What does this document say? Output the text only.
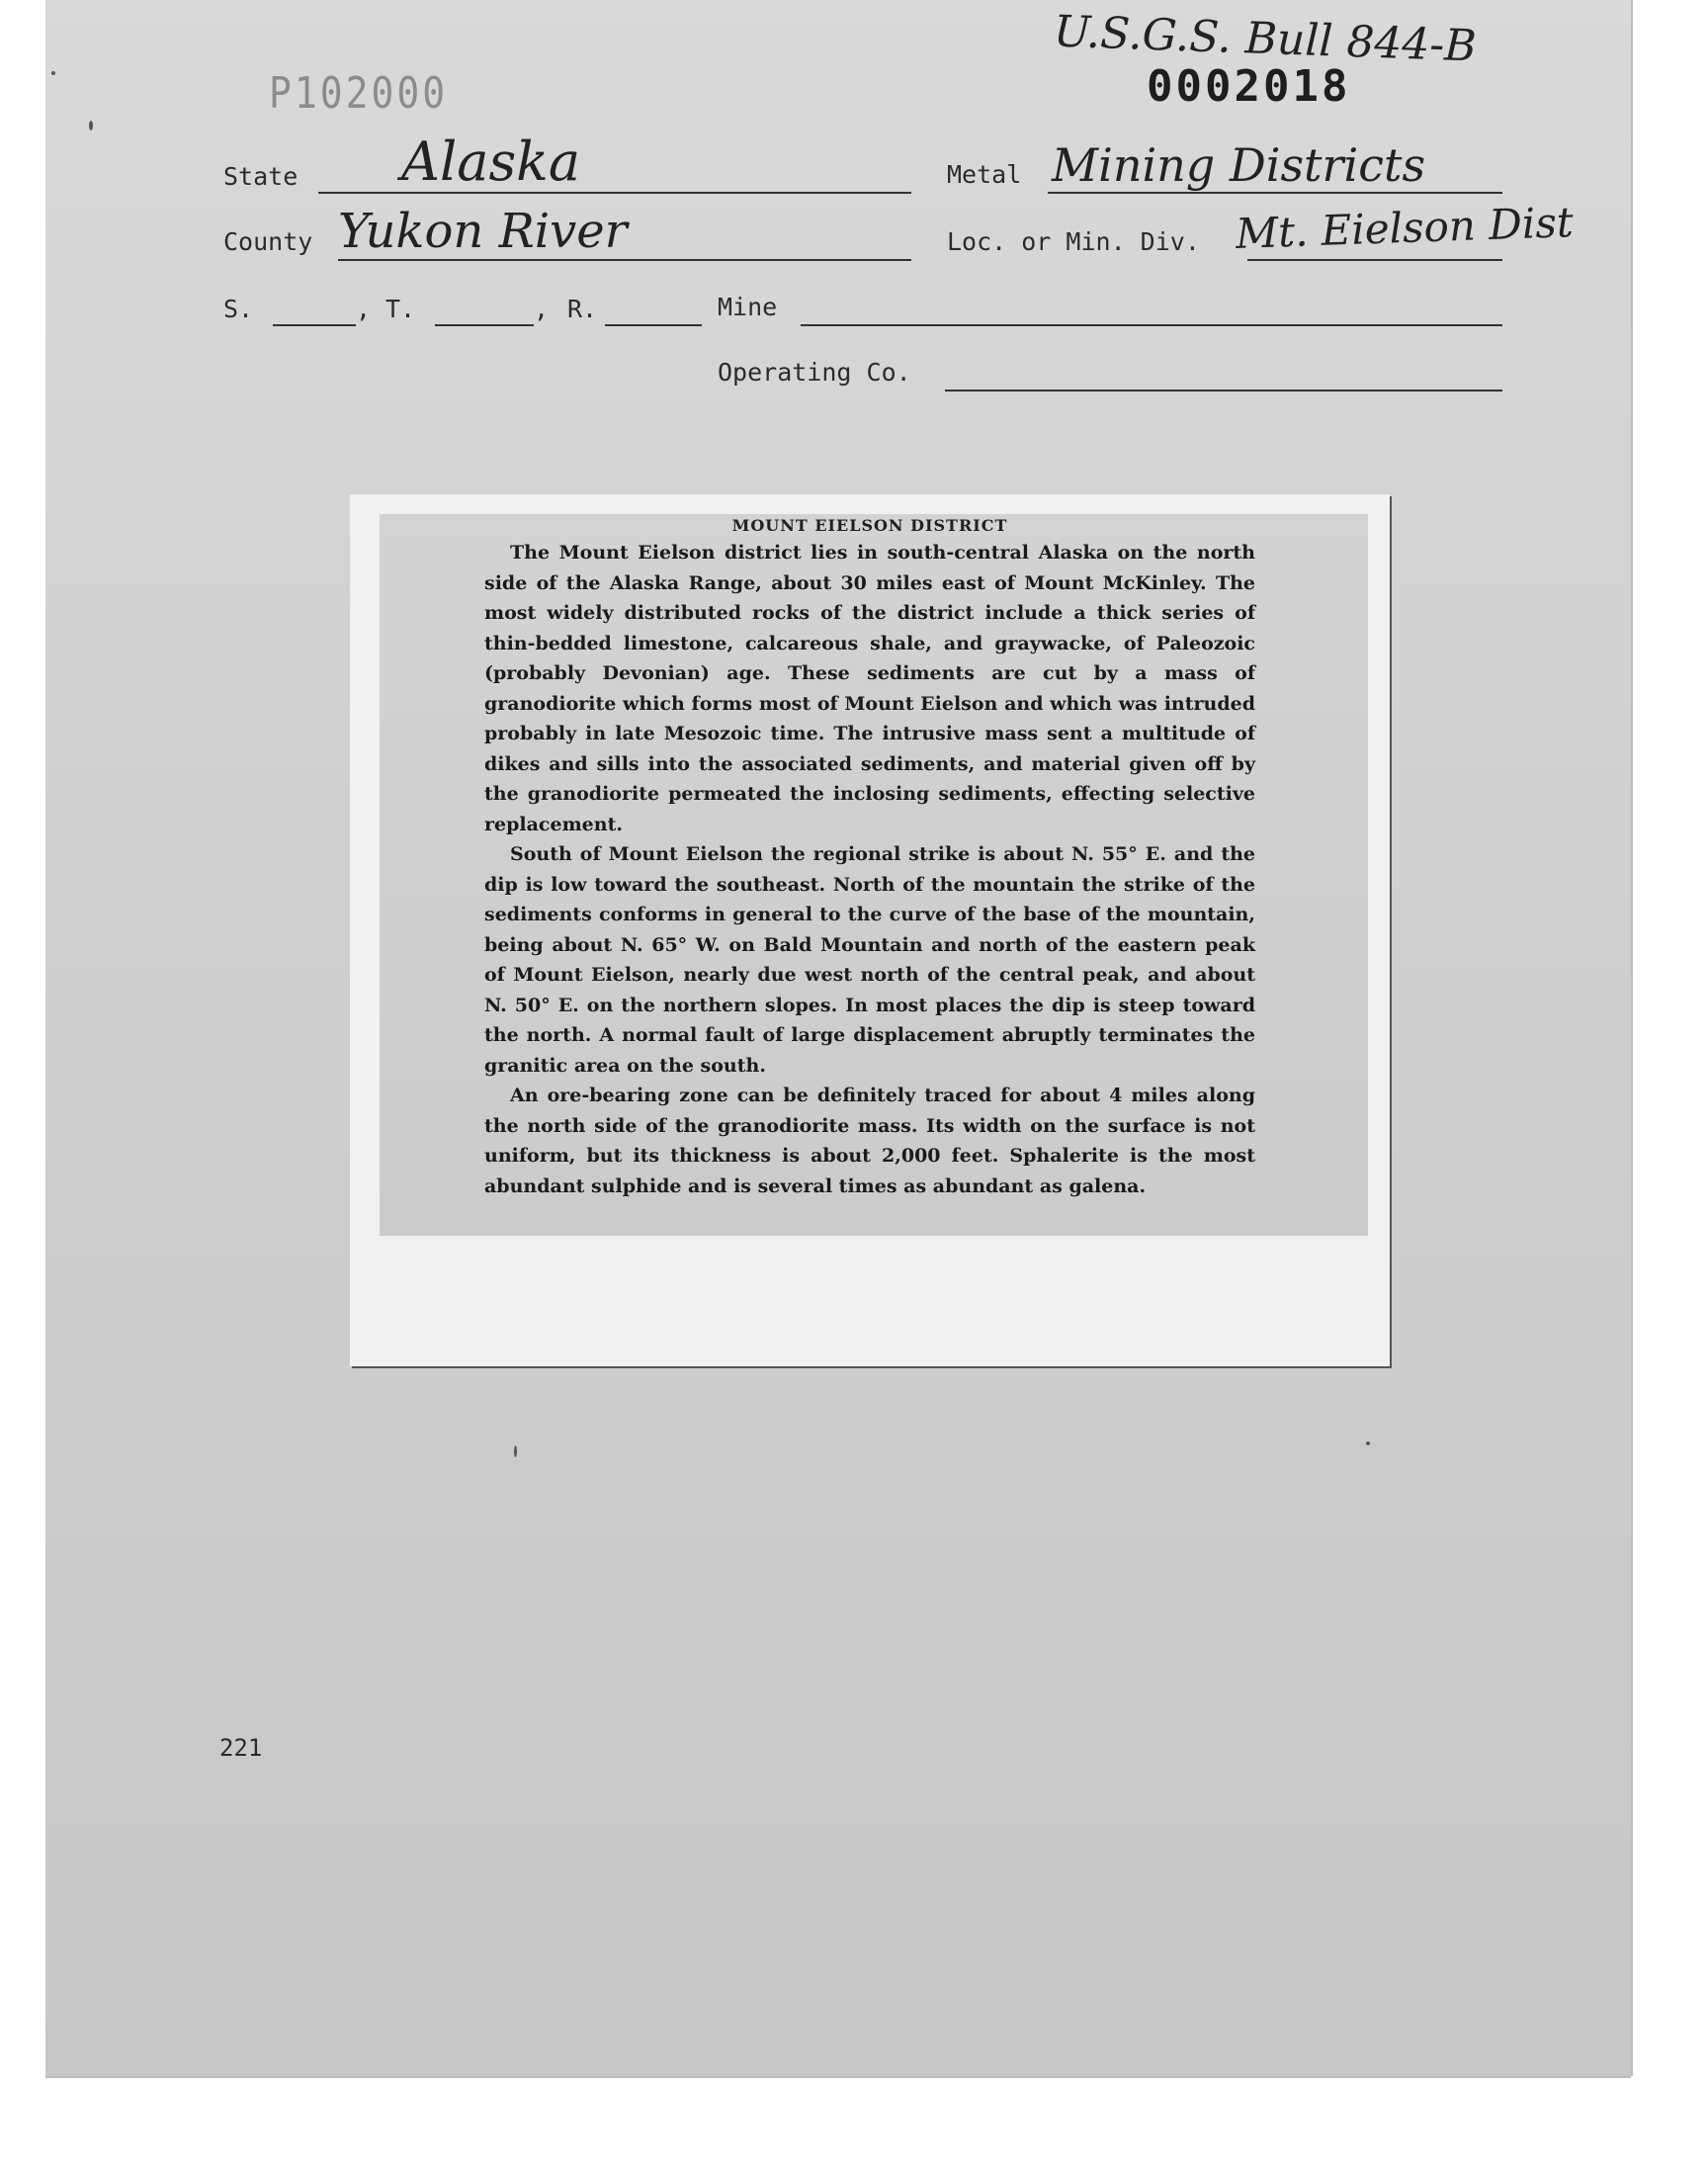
U.S.G.S. Bull 844-B
0002018
P102000
State Alaska	Metal Mining Districts
County Yukon River	Loc. or Min. Div. Mt. Eielson Dist
S.	, T.	, R.	Mine
Operating Co.
MOUNT EIELSON DISTRICT

The Mount Eielson district lies in south-central Alaska on the north side of the Alaska Range, about 30 miles east of Mount McKinley. The most widely distributed rocks of the district include a thick series of thin-bedded limestone, calcareous shale, and graywacke, of Paleozoic (probably Devonian) age. These sediments are cut by a mass of granodiorite which forms most of Mount Eielson and which was intruded probably in late Mesozoic time. The intrusive mass sent a multitude of dikes and sills into the associated sediments, and material given off by the granodiorite permeated the inclosing sediments, effecting selective replacement.

South of Mount Eielson the regional strike is about N. 55° E. and the dip is low toward the southeast. North of the mountain the strike of the sediments conforms in general to the curve of the base of the mountain, being about N. 65° W. on Bald Mountain and north of the eastern peak of Mount Eielson, nearly due west north of the central peak, and about N. 50° E. on the northern slopes. In most places the dip is steep toward the north. A normal fault of large displacement abruptly terminates the granitic area on the south.

An ore-bearing zone can be definitely traced for about 4 miles along the north side of the granodiorite mass. Its width on the surface is not uniform, but its thickness is about 2,000 feet. Sphalerite is the most abundant sulphide and is several times as abundant as galena.

221
